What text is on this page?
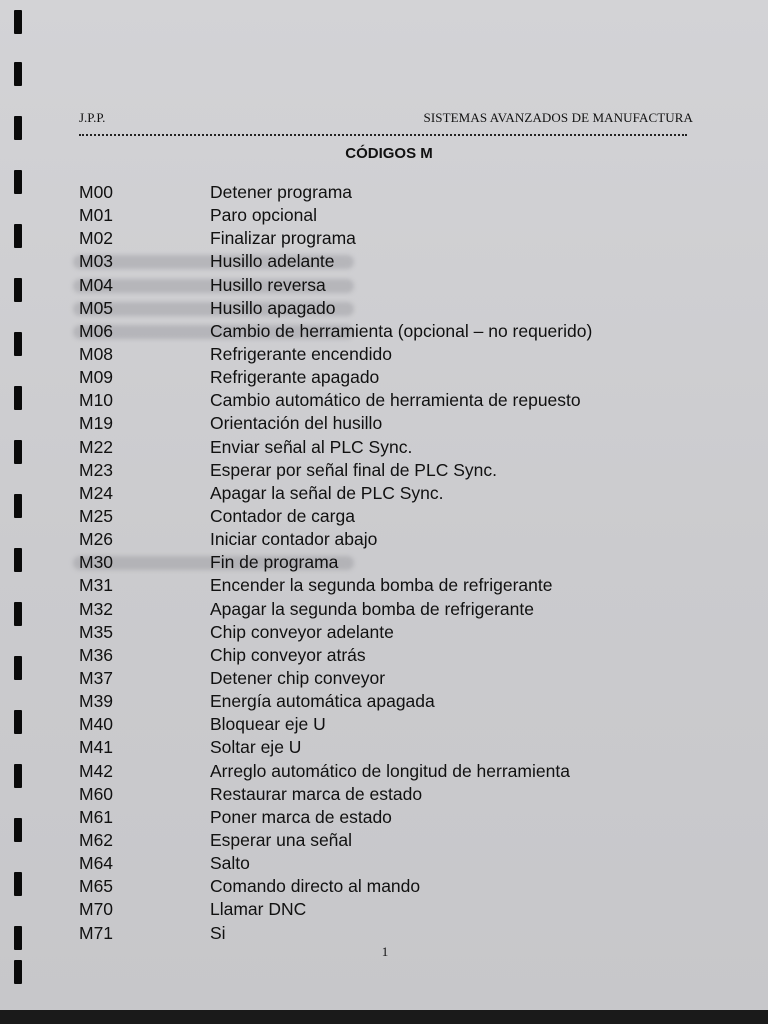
J.P.P.	SISTEMAS AVANZADOS DE MANUFACTURA
CÓDIGOS M
M00	Detener programa
M01	Paro opcional
M02	Finalizar programa
M03	Husillo adelante
M04	Husillo reversa
M05	Husillo apagado
M06	Cambio de herramienta (opcional – no requerido)
M08	Refrigerante encendido
M09	Refrigerante apagado
M10	Cambio automático de herramienta de repuesto
M19	Orientación del husillo
M22	Enviar señal al PLC Sync.
M23	Esperar por señal final de PLC Sync.
M24	Apagar la señal de PLC Sync.
M25	Contador de carga
M26	Iniciar contador abajo
M30	Fin de programa
M31	Encender la segunda bomba de refrigerante
M32	Apagar la segunda bomba de refrigerante
M35	Chip conveyor adelante
M36	Chip conveyor atrás
M37	Detener chip conveyor
M39	Energía automática apagada
M40	Bloquear eje U
M41	Soltar eje U
M42	Arreglo automático de longitud de herramienta
M60	Restaurar marca de estado
M61	Poner marca de estado
M62	Esperar una señal
M64	Salto
M65	Comando directo al mando
M70	Llamar DNC
M71	Si
1
